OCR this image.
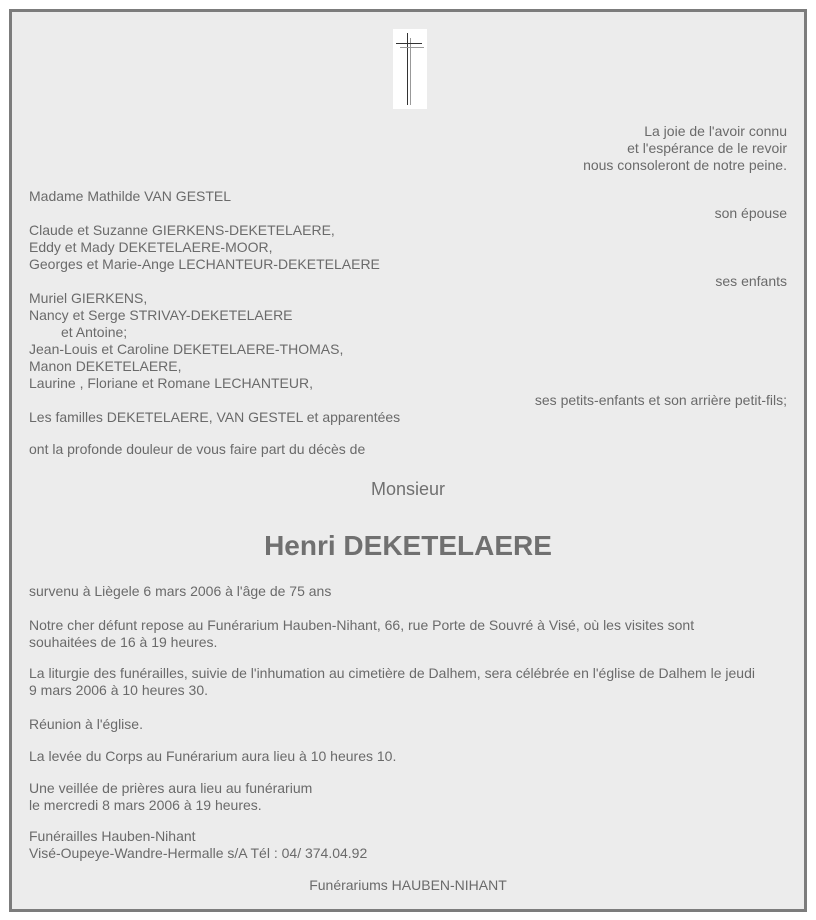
La joie de l'avoir connu
et l'espérance de le revoir
nous consoleront de notre peine.
Madame Mathilde VAN GESTEL
son épouse
Claude et Suzanne GIERKENS-DEKETELAERE,
Eddy et Mady DEKETELAERE-MOOR,
Georges et Marie-Ange LECHANTEUR-DEKETELAERE
ses enfants
Muriel GIERKENS,
Nancy et Serge STRIVAY-DEKETELAERE
et Antoine;
Jean-Louis et Caroline DEKETELAERE-THOMAS,
Manon DEKETELAERE,
Laurine , Floriane et Romane LECHANTEUR,
ses petits-enfants et son arrière petit-fils;
Les familles DEKETELAERE, VAN GESTEL et apparentées
ont la profonde douleur de vous faire part du décès de
Monsieur
Henri DEKETELAERE
survenu à Liègele 6 mars 2006 à l'âge de 75 ans
Notre cher défunt repose au Funérarium Hauben-Nihant, 66, rue Porte de Souvré à Visé, où les visites sont
souhaitées de 16 à 19 heures.
La liturgie des funérailles, suivie de l'inhumation au cimetière de Dalhem, sera célébrée en l'église de Dalhem le jeudi
9 mars 2006 à 10 heures 30.
Réunion à l'église.
La levée du Corps au Funérarium aura lieu à 10 heures 10.
Une veillée de prières aura lieu au funérarium
le mercredi 8 mars 2006 à 19 heures.
Funérailles Hauben-Nihant
Visé-Oupeye-Wandre-Hermalle s/A Tél : 04/ 374.04.92
Funérariums HAUBEN-NIHANT
